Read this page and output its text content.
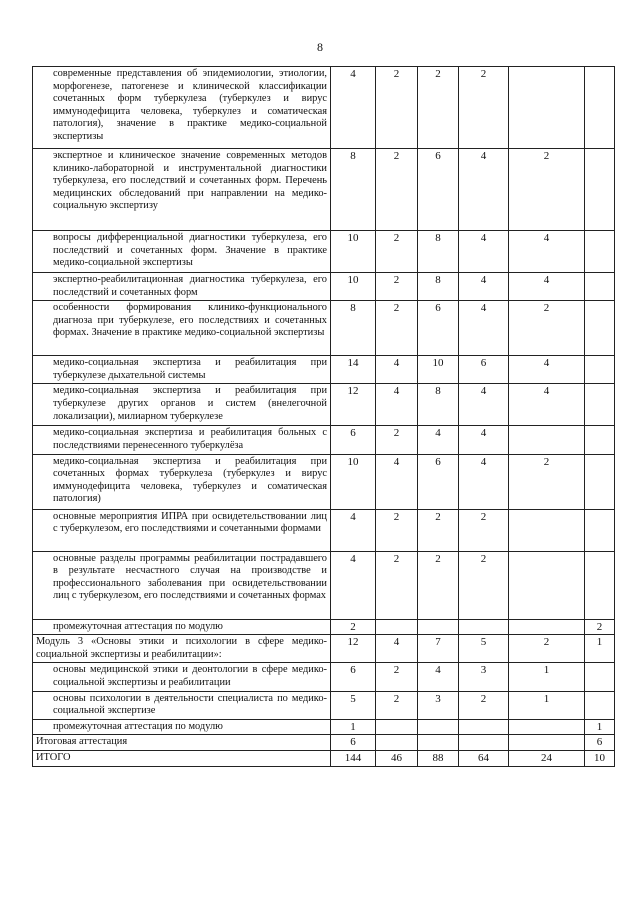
8
современные представления об эпидемиологии, этиологии, морфогенезе, патогенезе и клинической классификации сочетанных форм туберкулеза (туберкулез и вирус иммунодефицита человека, туберкулез и соматическая патология), значение в практике медико-социальной экспертизы	4	2	2	2		
экспертное и клиническое значение современных методов клинико-лабораторной и инструментальной диагностики туберкулеза, его последствий и сочетанных форм. Перечень медицинских обследований при направлении на медико-социальную экспертизу	8	2	6	4	2	
вопросы дифференциальной диагностики туберкулеза, его последствий и сочетанных форм. Значение в практике медико-социальной экспертизы	10	2	8	4	4	
экспертно-реабилитационная диагностика туберкулеза, его последствий и сочетанных форм	10	2	8	4	4	
особенности формирования клинико-функционального диагноза при туберкулезе, его последствиях и сочетанных формах. Значение в практике медико-социальной экспертизы	8	2	6	4	2	
медико-социальная экспертиза и реабилитация при туберкулезе дыхательной системы	14	4	10	6	4	
медико-социальная экспертиза и реабилитация при туберкулезе других органов и систем (внелегочной локализации), милиарном туберкулезе	12	4	8	4	4	
медико-социальная экспертиза и реабилитация больных с последствиями перенесенного туберкулёза	6	2	4	4		
медико-социальная экспертиза и реабилитация при сочетанных формах туберкулеза (туберкулез и вирус иммунодефицита человека, туберкулез и соматическая патология)	10	4	6	4	2	
основные мероприятия ИПРА при освидетельствовании лиц с туберкулезом, его последствиями и сочетанными формами	4	2	2	2		
основные разделы программы реабилитации пострадавшего в результате несчастного случая на производстве и профессионального заболевания при освидетельствовании лиц с туберкулезом, его последствиями и сочетанных формах	4	2	2	2		
промежуточная аттестация по модулю	2					2
Модуль 3 «Основы этики и психологии в сфере медико-социальной экспертизы и реабилитации»:	12	4	7	5	2	1
основы медицинской этики и деонтологии в сфере медико-социальной экспертизы и реабилитации	6	2	4	3	1	
основы психологии в деятельности специалиста по медико-социальной экспертизе	5	2	3	2	1	
промежуточная аттестация по модулю	1					1
Итоговая аттестация	6					6
ИТОГО	144	46	88	64	24	10
